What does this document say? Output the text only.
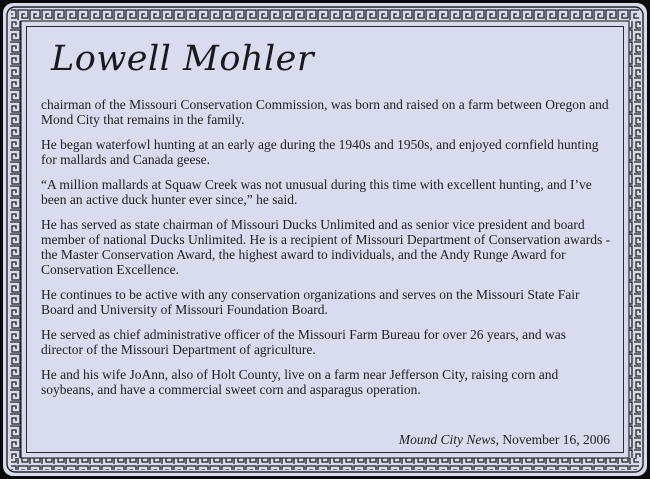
Lowell Mohler

chairman of the Missouri Conservation Commission, was born and raised on a farm between Oregon and Mond City that remains in the family.

He began waterfowl hunting at an early age during the 1940s and 1950s, and enjoyed cornfield hunting for mallards and Canada geese.

“A million mallards at Squaw Creek was not unusual during this time with excellent hunting, and I’ve been an active duck hunter ever since,” he said.

He has served as state chairman of Missouri Ducks Unlimited and as senior vice president and board member of national Ducks Unlimited. He is a recipient of Missouri Department of Conservation awards - the Master Conservation Award, the highest award to individuals, and the Andy Runge Award for Conservation Excellence.

He continues to be active with any conservation organizations and serves on the Missouri State Fair Board and University of Missouri Foundation Board.

He served as chief administrative officer of the Missouri Farm Bureau for over 26 years, and was director of the Missouri Department of agriculture.

He and his wife JoAnn, also of Holt County, live on a farm near Jefferson City, raising corn and soybeans, and have a commercial sweet corn and asparagus operation.

Mound City News, November 16, 2006
